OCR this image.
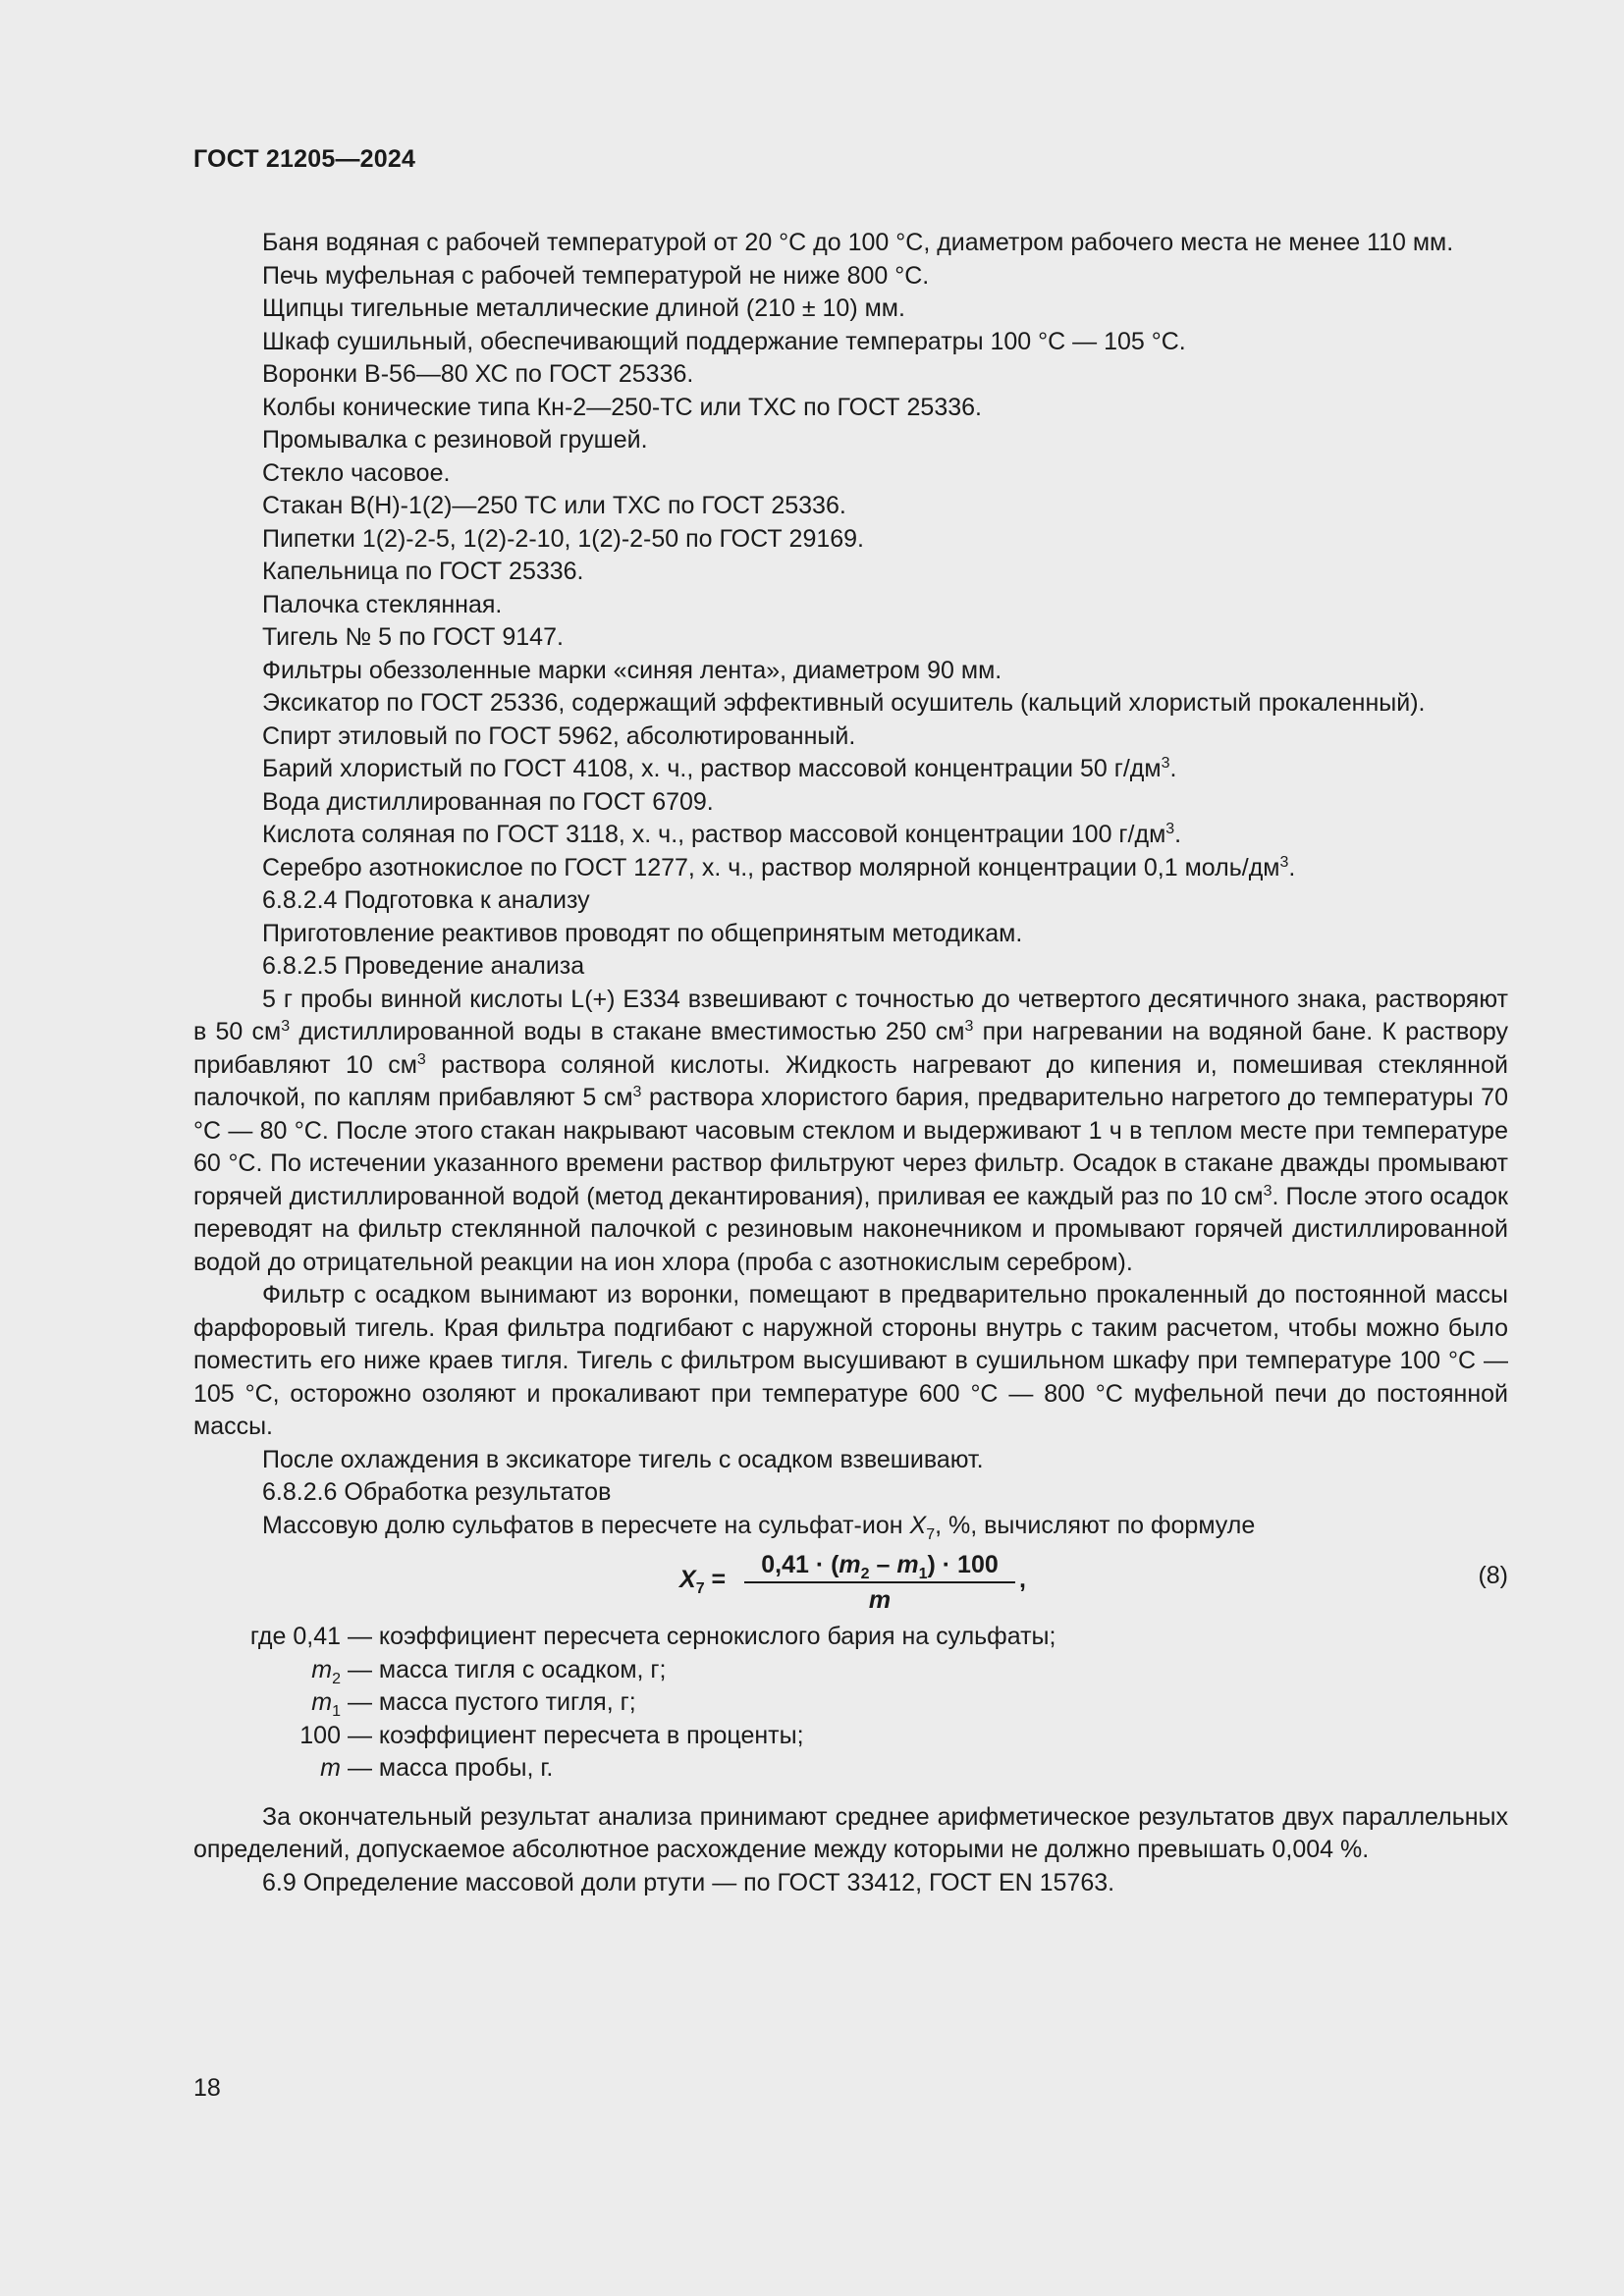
ГОСТ 21205—2024

Баня водяная с рабочей температурой от 20 °С до 100 °С, диаметром рабочего места не менее 110 мм.

Печь муфельная с рабочей температурой не ниже 800 °С.

Щипцы тигельные металлические длиной (210 ± 10) мм.

Шкаф сушильный, обеспечивающий поддержание температры 100 °С — 105 °С.

Воронки В-56—80 ХС по ГОСТ 25336.

Колбы конические типа Кн-2—250-ТС или ТХС по ГОСТ 25336.

Промывалка с резиновой грушей.

Стекло часовое.

Стакан В(Н)-1(2)—250 ТС или ТХС по ГОСТ 25336.

Пипетки 1(2)-2-5, 1(2)-2-10, 1(2)-2-50 по ГОСТ 29169.

Капельница по ГОСТ 25336.

Палочка стеклянная.

Тигель № 5 по ГОСТ 9147.

Фильтры обеззоленные марки «синяя лента», диаметром 90 мм.

Эксикатор по ГОСТ 25336, содержащий эффективный осушитель (кальций хлористый прокаленный).

Спирт этиловый по ГОСТ 5962, абсолютированный.

Барий хлористый по ГОСТ 4108, х. ч., раствор массовой концентрации 50 $г/дм^3$.

Вода дистиллированная по ГОСТ 6709.

Кислота соляная по ГОСТ 3118, х. ч., раствор массовой концентрации 100 $г/дм^3$.

Серебро азотнокислое по ГОСТ 1277, х. ч., раствор молярной концентрации 0,1 моль/$дм^3$.

6.8.2.4 Подготовка к анализу

Приготовление реактивов проводят по общепринятым методикам.

6.8.2.5 Проведение анализа

5 г пробы винной кислоты L(+) Е334 взвешивают с точностью до четвертого десятичного знака, растворяют в 50 $см^3$ дистиллированной воды в стакане вместимостью 250 $см^3$ при нагревании на водяной бане. К раствору прибавляют 10 $см^3$ раствора соляной кислоты. Жидкость нагревают до кипения и, помешивая стеклянной палочкой, по каплям прибавляют 5 $см^3$ раствора хлористого бария, предварительно нагретого до температуры 70 °С — 80 °С. После этого стакан накрывают часовым стеклом и выдерживают 1 ч в теплом месте при температуре 60 °С. По истечении указанного времени раствор фильтруют через фильтр. Осадок в стакане дважды промывают горячей дистиллированной водой (метод декантирования), приливая ее каждый раз по 10 $см^3$. После этого осадок переводят на фильтр стеклянной палочкой с резиновым наконечником и промывают горячей дистиллированной водой до отрицательной реакции на ион хлора (проба с азотнокислым серебром).

Фильтр с осадком вынимают из воронки, помещают в предварительно прокаленный до постоянной массы фарфоровый тигель. Края фильтра подгибают с наружной стороны внутрь с таким расчетом, чтобы можно было поместить его ниже краев тигля. Тигель с фильтром высушивают в сушильном шкафу при температуре 100 °С — 105 °С, осторожно озоляют и прокаливают при температуре 600 °С — 800 °С муфельной печи до постоянной массы.

После охлаждения в эксикаторе тигель с осадком взвешивают.

6.8.2.6 Обработка результатов

Массовую долю сульфатов в пересчете на сульфат-ион $X_7$, %, вычисляют по формуле

$X_7$ =
$0,41 \cdot (m_2 - m_1) \cdot 100$
m
,	(8)
где 0,41 — коэффициент пересчета сернокислого бария на сульфаты;
$m_2$ — масса тигля с осадком, г;
$m_1$ — масса пустого тигля, г;
100 — коэффициент пересчета в проценты;
m — масса пробы, г.

За окончательный результат анализа принимают среднее арифметическое результатов двух параллельных определений, допускаемое абсолютное расхождение между которыми не должно превышать 0,004 %.

6.9 Определение массовой доли ртути — по ГОСТ 33412, ГОСТ EN 15763.

18
